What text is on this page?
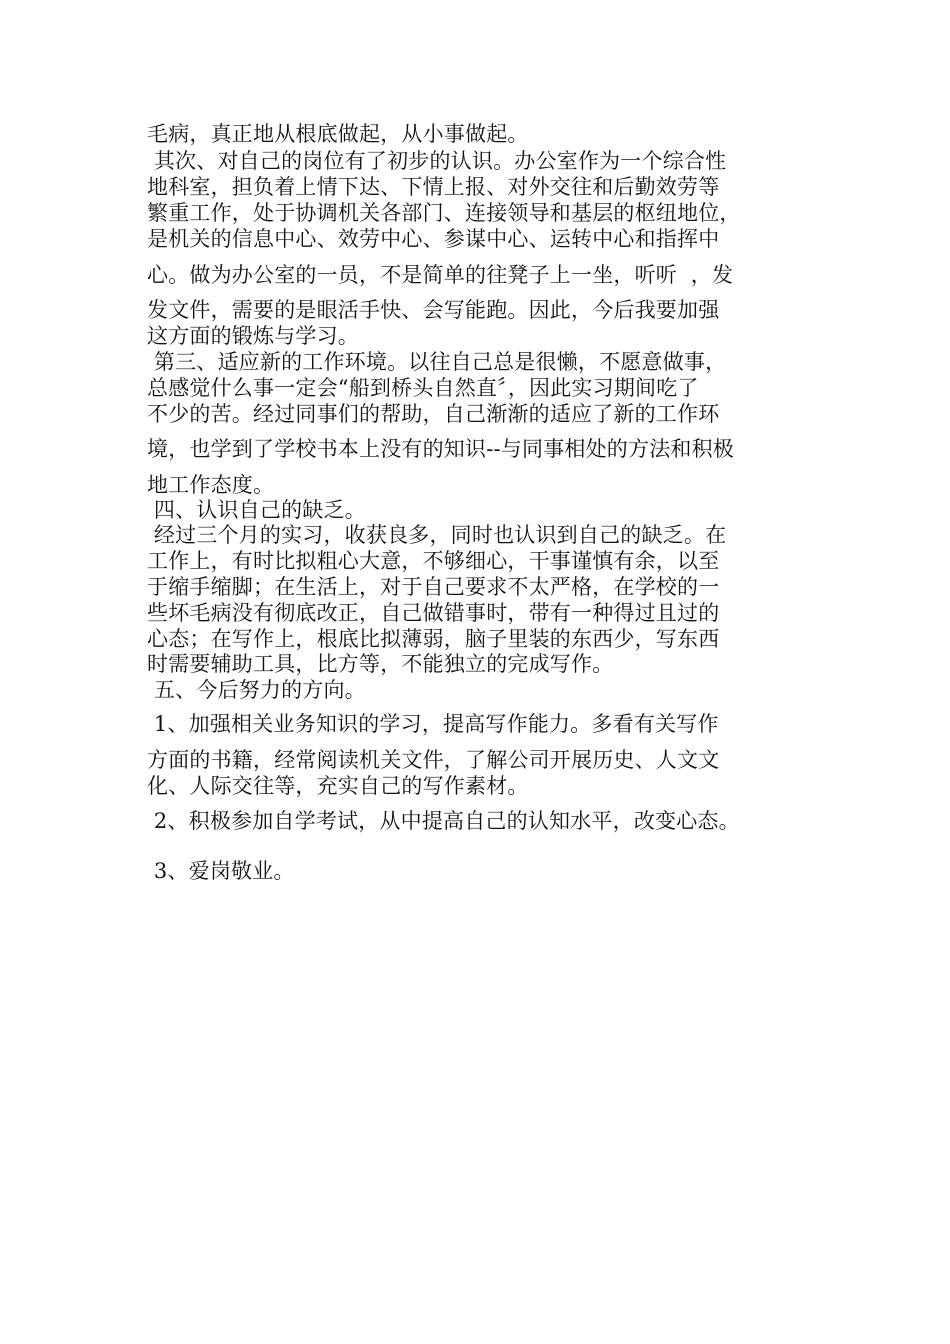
毛病，真正地从根底做起，从小事做起。
其次、对自己的岗位有了初步的认识。办公室作为一个综合性
地科室，担负着上情下达、下情上报、对外交往和后勤效劳等
繁重工作，处于协调机关各部门、连接领导和基层的枢纽地位，
是机关的信息中心、效劳中心、参谋中心、运转中心和指挥中
心。做为办公室的一员，不是简单的往凳子上一坐，听听  ，发
发文件，需要的是眼活手快、会写能跑。因此，今后我要加强
这方面的锻炼与学习。
第三、适应新的工作环境。以往自己总是很懒，不愿意做事，
总感觉什么事一定会“船到桥头自然直〞，因此实习期间吃了
不少的苦。经过同事们的帮助，自己渐渐的适应了新的工作环
境，也学到了学校书本上没有的知识--与同事相处的方法和积极
地工作态度。
四、认识自己的缺乏。
经过三个月的实习，收获良多，同时也认识到自己的缺乏。在
工作上，有时比拟粗心大意，不够细心，干事谨慎有余，以至
于缩手缩脚；在生活上，对于自己要求不太严格，在学校的一
些坏毛病没有彻底改正，自己做错事时，带有一种得过且过的
心态；在写作上，根底比拟薄弱，脑子里装的东西少，写东西
时需要辅助工具，比方等，不能独立的完成写作。
五、今后努力的方向。
1、加强相关业务知识的学习，提高写作能力。多看有关写作
方面的书籍，经常阅读机关文件，了解公司开展历史、人文文
化、人际交往等，充实自己的写作素材。
2、积极参加自学考试，从中提高自己的认知水平，改变心态。
3、爱岗敬业。
